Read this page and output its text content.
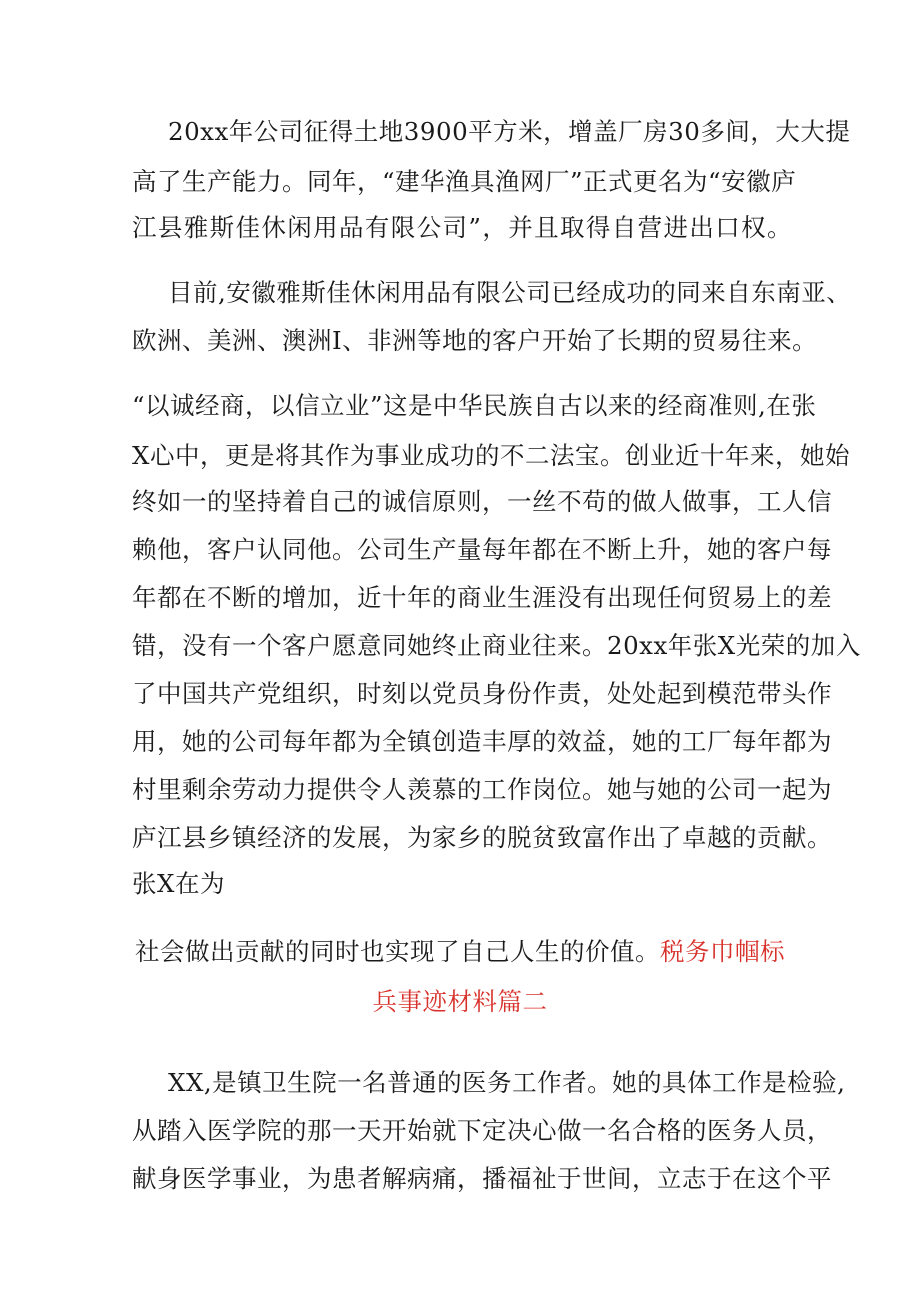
20xx年公司征得土地3900平方米，增盖厂房30多间，大大提
高了生产能力。同年，“建华渔具渔网厂”正式更名为“安徽庐
江县雅斯佳休闲用品有限公司”，并且取得自营进出口权。
目前,安徽雅斯佳休闲用品有限公司已经成功的同来自东南亚、
欧洲、美洲、澳洲I、非洲等地的客户开始了长期的贸易往来。
“以诚经商，以信立业”这是中华民族自古以来的经商准则,在张
X心中，更是将其作为事业成功的不二法宝。创业近十年来，她始
终如一的坚持着自己的诚信原则，一丝不苟的做人做事，工人信
赖他，客户认同他。公司生产量每年都在不断上升，她的客户每
年都在不断的增加，近十年的商业生涯没有出现任何贸易上的差
错，没有一个客户愿意同她终止商业往来。20xx年张X光荣的加入
了中国共产党组织，时刻以党员身份作责，处处起到模范带头作
用，她的公司每年都为全镇创造丰厚的效益，她的工厂每年都为
村里剩余劳动力提供令人羡慕的工作岗位。她与她的公司一起为
庐江县乡镇经济的发展，为家乡的脱贫致富作出了卓越的贡献。
张X在为
社会做出贡献的同时也实现了自己人生的价值。税务巾帼标
兵事迹材料篇二
XX,是镇卫生院一名普通的医务工作者。她的具体工作是检验,
从踏入医学院的那一天开始就下定决心做一名合格的医务人员，
献身医学事业，为患者解病痛，播福祉于世间，立志于在这个平
